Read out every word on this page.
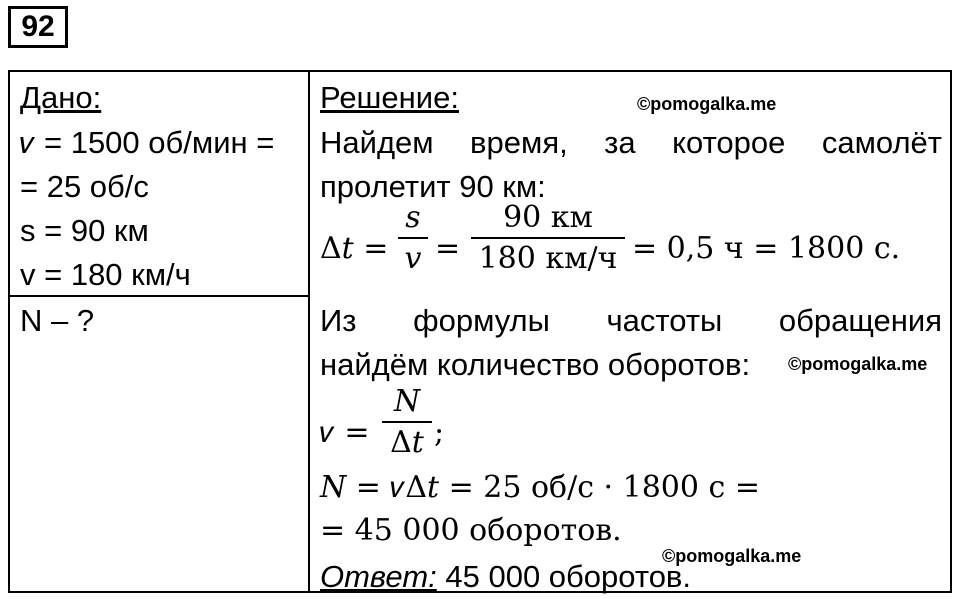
92
Дано:
𝜈 = 1500 об/мин =
= 25 об/с
s = 90 км
v = 180 км/ч
N – ?
Решение:	©pomogalka.me
Найдем время, за которое самолёт
пролетит 90 км:
Δ𝑡 =
𝑠
𝑣 =
90 км
180 км/ч = 0,5 ч = 1800 с.
Из формулы частоты обращения
найдём количество оборотов: ©pomogalka.me
𝜈 =
𝑁
Δ𝑡 ;
𝑁 = 𝜈Δ𝑡 = 25 об/с · 1800 с =
= 45 000 оборотов.
©pomogalka.me
Ответ: 45 000 оборотов.
